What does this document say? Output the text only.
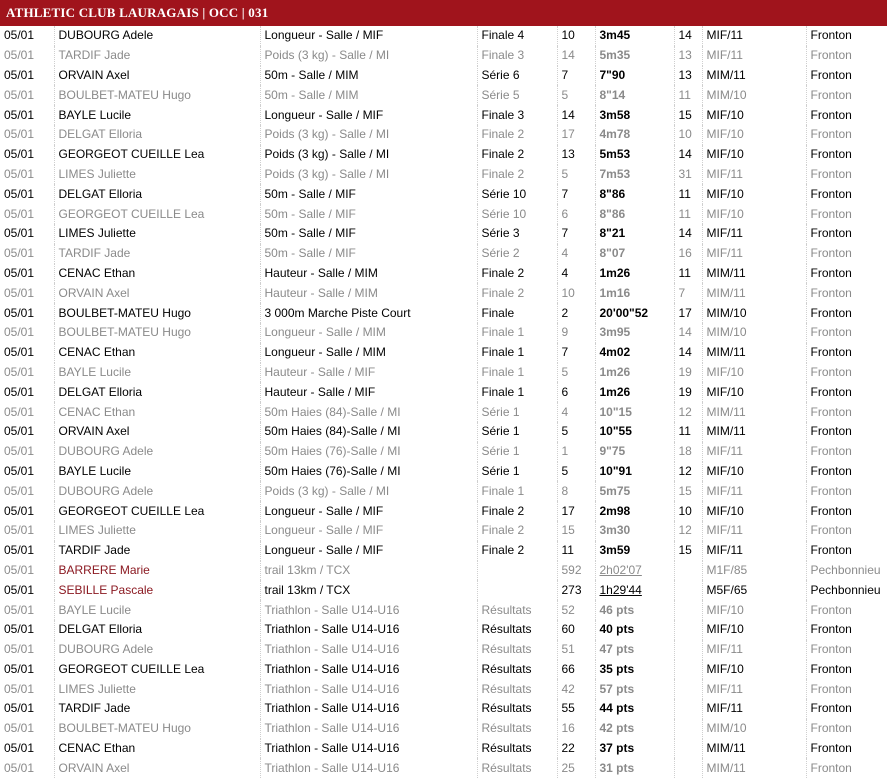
ATHLETIC CLUB LAURAGAIS | OCC | 031
05/01	DUBOURG Adele	Longueur - Salle / MIF	Finale 4	10	3m45	14	MIF/11	Fronton
05/01	TARDIF Jade	Poids (3 kg) - Salle / MI	Finale 3	14	5m35	13	MIF/11	Fronton
05/01	ORVAIN Axel	50m - Salle / MIM	Série 6	7	7"90	13	MIM/11	Fronton
05/01	BOULBET-MATEU Hugo	50m - Salle / MIM	Série 5	5	8"14	11	MIM/10	Fronton
05/01	BAYLE Lucile	Longueur - Salle / MIF	Finale 3	14	3m58	15	MIF/10	Fronton
05/01	DELGAT Elloria	Poids (3 kg) - Salle / MI	Finale 2	17	4m78	10	MIF/10	Fronton
05/01	GEORGEOT CUEILLE Lea	Poids (3 kg) - Salle / MI	Finale 2	13	5m53	14	MIF/10	Fronton
05/01	LIMES Juliette	Poids (3 kg) - Salle / MI	Finale 2	5	7m53	31	MIF/11	Fronton
05/01	DELGAT Elloria	50m - Salle / MIF	Série 10	7	8"86	11	MIF/10	Fronton
05/01	GEORGEOT CUEILLE Lea	50m - Salle / MIF	Série 10	6	8"86	11	MIF/10	Fronton
05/01	LIMES Juliette	50m - Salle / MIF	Série 3	7	8"21	14	MIF/11	Fronton
05/01	TARDIF Jade	50m - Salle / MIF	Série 2	4	8"07	16	MIF/11	Fronton
05/01	CENAC Ethan	Hauteur - Salle / MIM	Finale 2	4	1m26	11	MIM/11	Fronton
05/01	ORVAIN Axel	Hauteur - Salle / MIM	Finale 2	10	1m16	7	MIM/11	Fronton
05/01	BOULBET-MATEU Hugo	3 000m Marche Piste Court	Finale	2	20'00"52	17	MIM/10	Fronton
05/01	BOULBET-MATEU Hugo	Longueur - Salle / MIM	Finale 1	9	3m95	14	MIM/10	Fronton
05/01	CENAC Ethan	Longueur - Salle / MIM	Finale 1	7	4m02	14	MIM/11	Fronton
05/01	BAYLE Lucile	Hauteur - Salle / MIF	Finale 1	5	1m26	19	MIF/10	Fronton
05/01	DELGAT Elloria	Hauteur - Salle / MIF	Finale 1	6	1m26	19	MIF/10	Fronton
05/01	CENAC Ethan	50m Haies (84)-Salle / MI	Série 1	4	10"15	12	MIM/11	Fronton
05/01	ORVAIN Axel	50m Haies (84)-Salle / MI	Série 1	5	10"55	11	MIM/11	Fronton
05/01	DUBOURG Adele	50m Haies (76)-Salle / MI	Série 1	1	9"75	18	MIF/11	Fronton
05/01	BAYLE Lucile	50m Haies (76)-Salle / MI	Série 1	5	10"91	12	MIF/10	Fronton
05/01	DUBOURG Adele	Poids (3 kg) - Salle / MI	Finale 1	8	5m75	15	MIF/11	Fronton
05/01	GEORGEOT CUEILLE Lea	Longueur - Salle / MIF	Finale 2	17	2m98	10	MIF/10	Fronton
05/01	LIMES Juliette	Longueur - Salle / MIF	Finale 2	15	3m30	12	MIF/11	Fronton
05/01	TARDIF Jade	Longueur - Salle / MIF	Finale 2	11	3m59	15	MIF/11	Fronton
05/01	BARRERE Marie	trail 13km / TCX		592	2h02'07		M1F/85	Pechbonnieu
05/01	SEBILLE Pascale	trail 13km / TCX		273	1h29'44		M5F/65	Pechbonnieu
05/01	BAYLE Lucile	Triathlon - Salle U14-U16	Résultats	52	46 pts		MIF/10	Fronton
05/01	DELGAT Elloria	Triathlon - Salle U14-U16	Résultats	60	40 pts		MIF/10	Fronton
05/01	DUBOURG Adele	Triathlon - Salle U14-U16	Résultats	51	47 pts		MIF/11	Fronton
05/01	GEORGEOT CUEILLE Lea	Triathlon - Salle U14-U16	Résultats	66	35 pts		MIF/10	Fronton
05/01	LIMES Juliette	Triathlon - Salle U14-U16	Résultats	42	57 pts		MIF/11	Fronton
05/01	TARDIF Jade	Triathlon - Salle U14-U16	Résultats	55	44 pts		MIF/11	Fronton
05/01	BOULBET-MATEU Hugo	Triathlon - Salle U14-U16	Résultats	16	42 pts		MIM/10	Fronton
05/01	CENAC Ethan	Triathlon - Salle U14-U16	Résultats	22	37 pts		MIM/11	Fronton
05/01	ORVAIN Axel	Triathlon - Salle U14-U16	Résultats	25	31 pts		MIM/11	Fronton
